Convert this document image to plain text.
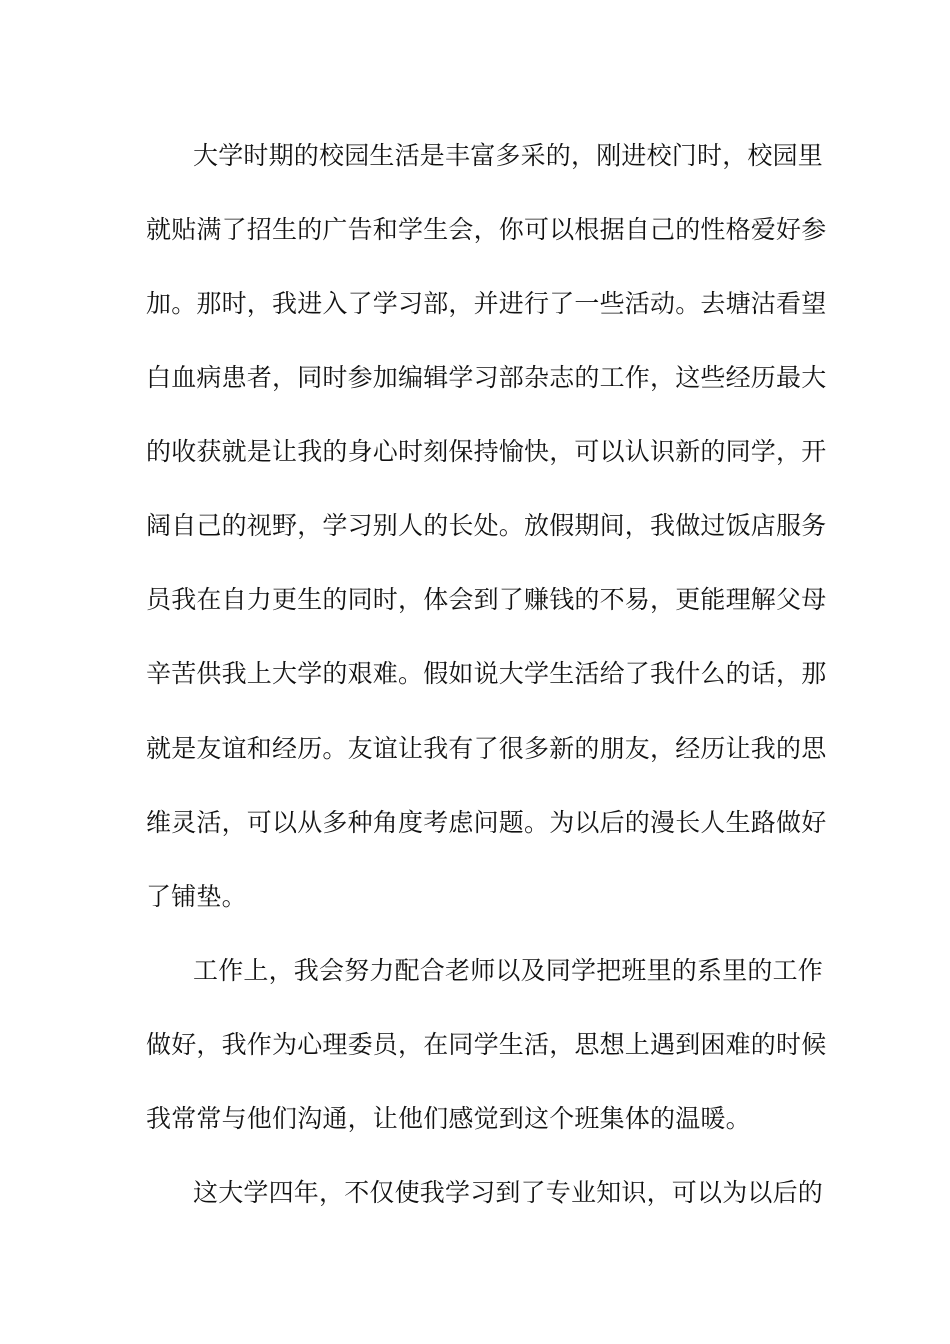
大学时期的校园生活是丰富多采的，刚进校门时，校园里
就贴满了招生的广告和学生会，你可以根据自己的性格爱好参
加。那时，我进入了学习部，并进行了一些活动。去塘沽看望
白血病患者，同时参加编辑学习部杂志的工作，这些经历最大
的收获就是让我的身心时刻保持愉快，可以认识新的同学，开
阔自己的视野，学习别人的长处。放假期间，我做过饭店服务
员我在自力更生的同时，体会到了赚钱的不易，更能理解父母
辛苦供我上大学的艰难。假如说大学生活给了我什么的话，那
就是友谊和经历。友谊让我有了很多新的朋友，经历让我的思
维灵活，可以从多种角度考虑问题。为以后的漫长人生路做好
了铺垫。
工作上，我会努力配合老师以及同学把班里的系里的工作
做好，我作为心理委员，在同学生活，思想上遇到困难的时候
我常常与他们沟通，让他们感觉到这个班集体的温暖。
这大学四年，不仅使我学习到了专业知识，可以为以后的
